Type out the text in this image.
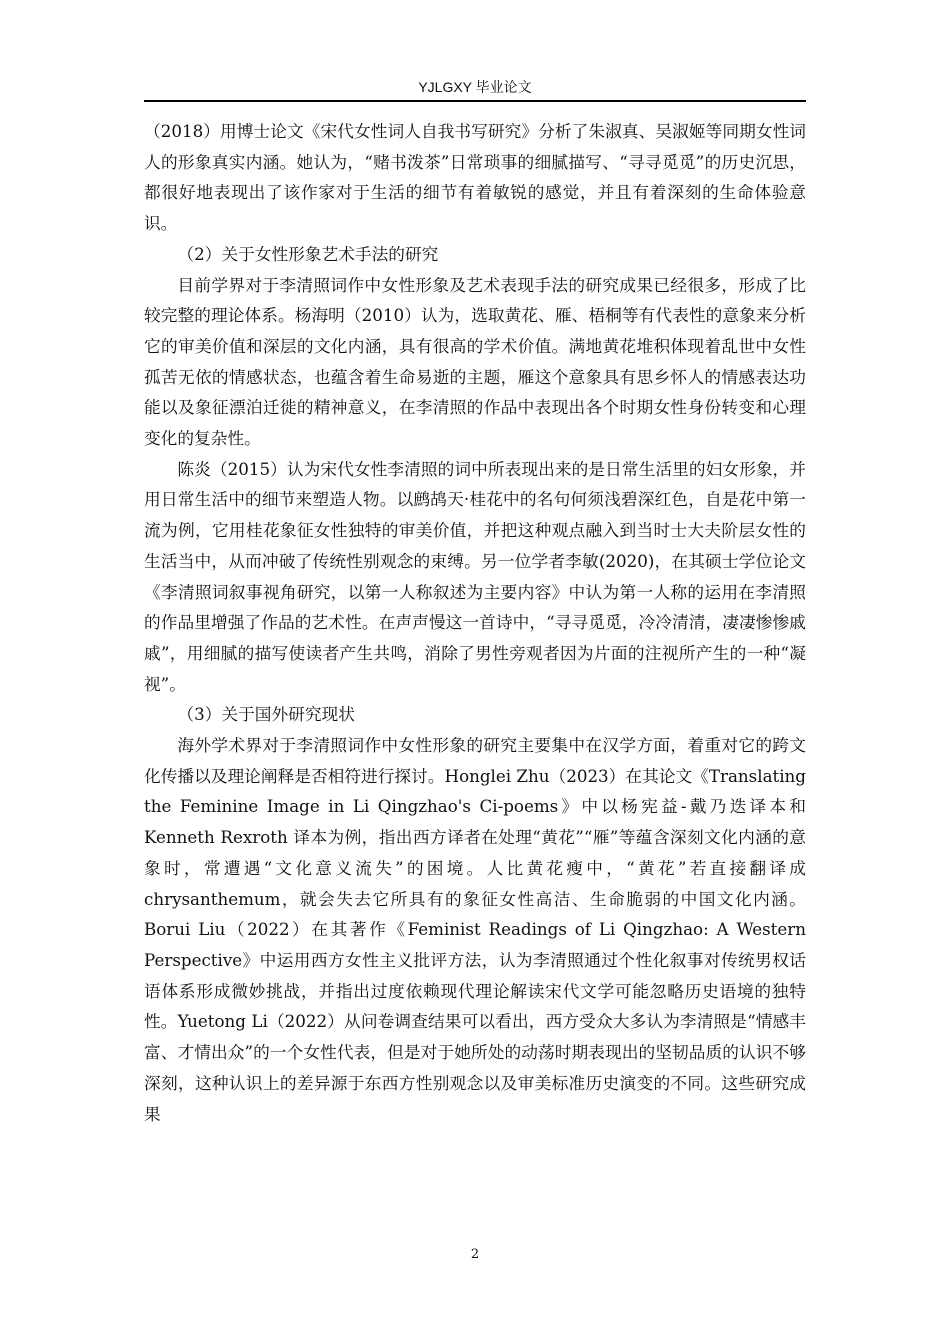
YJLGXY 毕业论文

（2018）用博士论文《宋代女性词人自我书写研究》分析了朱淑真、吴淑姬等同期女性词人的形象真实内涵。她认为，“赌书泼茶”日常琐事的细腻描写、“寻寻觅觅”的历史沉思，都很好地表现出了该作家对于生活的细节有着敏锐的感觉，并且有着深刻的生命体验意识。

（2）关于女性形象艺术手法的研究

目前学界对于李清照词作中女性形象及艺术表现手法的研究成果已经很多，形成了比较完整的理论体系。杨海明（2010）认为，选取黄花、雁、梧桐等有代表性的意象来分析它的审美价值和深层的文化内涵，具有很高的学术价值。满地黄花堆积体现着乱世中女性孤苦无依的情感状态，也蕴含着生命易逝的主题，雁这个意象具有思乡怀人的情感表达功能以及象征漂泊迁徙的精神意义，在李清照的作品中表现出各个时期女性身份转变和心理变化的复杂性。

陈炎（2015）认为宋代女性李清照的词中所表现出来的是日常生活里的妇女形象，并用日常生活中的细节来塑造人物。以鹧鸪天·桂花中的名句何须浅碧深红色，自是花中第一流为例，它用桂花象征女性独特的审美价值，并把这种观点融入到当时士大夫阶层女性的生活当中，从而冲破了传统性别观念的束缚。另一位学者李敏(2020)，在其硕士学位论文《李清照词叙事视角研究，以第一人称叙述为主要内容》中认为第一人称的运用在李清照的作品里增强了作品的艺术性。在声声慢这一首诗中，“寻寻觅觅，冷冷清清，凄凄惨惨戚戚”，用细腻的描写使读者产生共鸣，消除了男性旁观者因为片面的注视所产生的一种“凝视”。

（3）关于国外研究现状

海外学术界对于李清照词作中女性形象的研究主要集中在汉学方面，着重对它的跨文化传播以及理论阐释是否相符进行探讨。Honglei Zhu（2023）在其论文《Translating the Feminine Image in Li Qingzhao's Ci-poems》中以杨宪益-戴乃迭译本和 Kenneth Rexroth 译本为例，指出西方译者在处理“黄花”“雁”等蕴含深刻文化内涵的意象时，常遭遇“文化意义流失”的困境。人比黄花瘦中，“黄花”若直接翻译成 chrysanthemum，就会失去它所具有的象征女性高洁、生命脆弱的中国文化内涵。Borui Liu（2022）在其著作《Feminist Readings of Li Qingzhao: A Western Perspective》中运用西方女性主义批评方法，认为李清照通过个性化叙事对传统男权话语体系形成微妙挑战，并指出过度依赖现代理论解读宋代文学可能忽略历史语境的独特性。Yuetong Li（2022）从问卷调查结果可以看出，西方受众大多认为李清照是“情感丰富、才情出众”的一个女性代表，但是对于她所处的动荡时期表现出的坚韧品质的认识不够深刻，这种认识上的差异源于东西方性别观念以及审美标准历史演变的不同。这些研究成果

2
